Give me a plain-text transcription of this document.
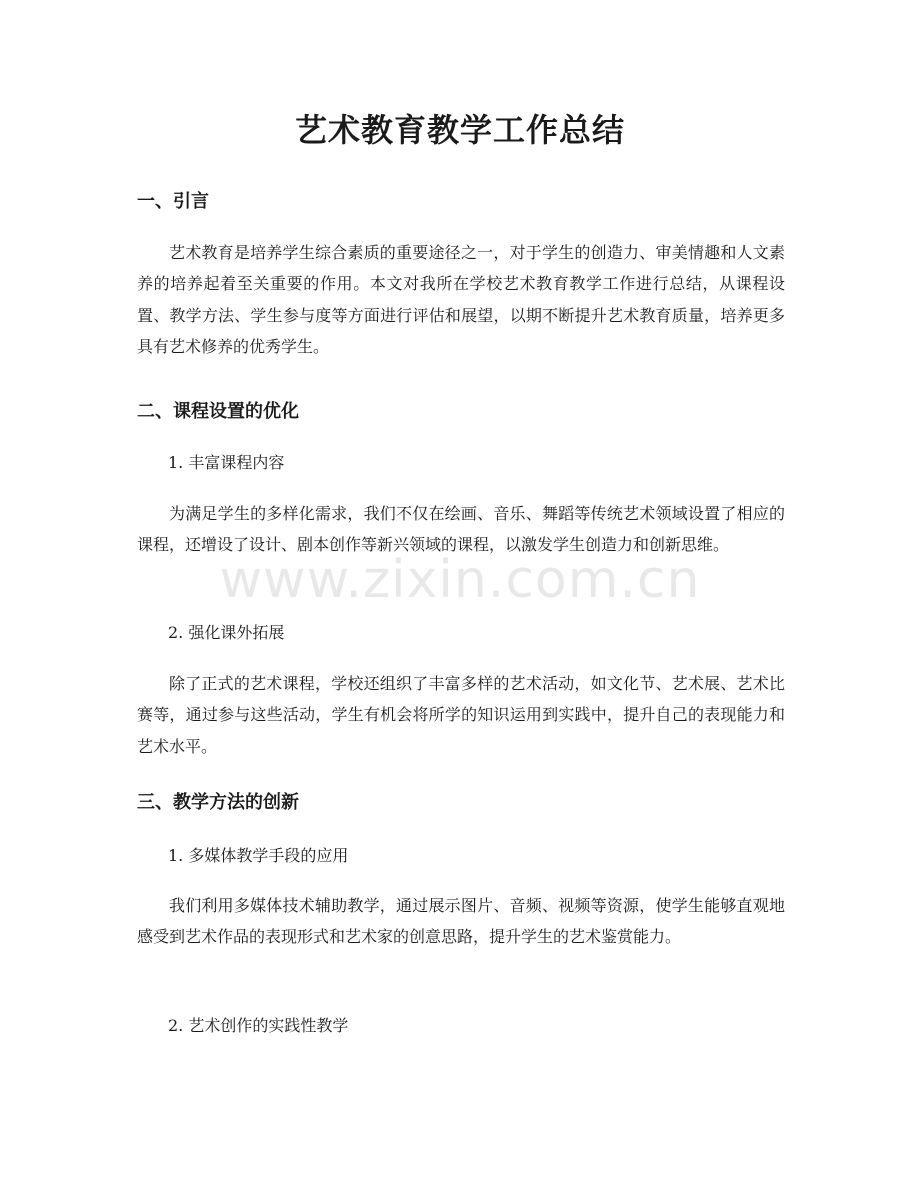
艺术教育教学工作总结
一、引言
艺术教育是培养学生综合素质的重要途径之一，对于学生的创造力、审美情趣和人文素养的培养起着至关重要的作用。本文对我所在学校艺术教育教学工作进行总结，从课程设置、教学方法、学生参与度等方面进行评估和展望，以期不断提升艺术教育质量，培养更多具有艺术修养的优秀学生。
二、课程设置的优化
1. 丰富课程内容
为满足学生的多样化需求，我们不仅在绘画、音乐、舞蹈等传统艺术领域设置了相应的课程，还增设了设计、剧本创作等新兴领域的课程，以激发学生创造力和创新思维。
2. 强化课外拓展
除了正式的艺术课程，学校还组织了丰富多样的艺术活动，如文化节、艺术展、艺术比赛等，通过参与这些活动，学生有机会将所学的知识运用到实践中，提升自己的表现能力和艺术水平。
三、教学方法的创新
1. 多媒体教学手段的应用
我们利用多媒体技术辅助教学，通过展示图片、音频、视频等资源，使学生能够直观地感受到艺术作品的表现形式和艺术家的创意思路，提升学生的艺术鉴赏能力。
2. 艺术创作的实践性教学
www.zixin.com.cn
